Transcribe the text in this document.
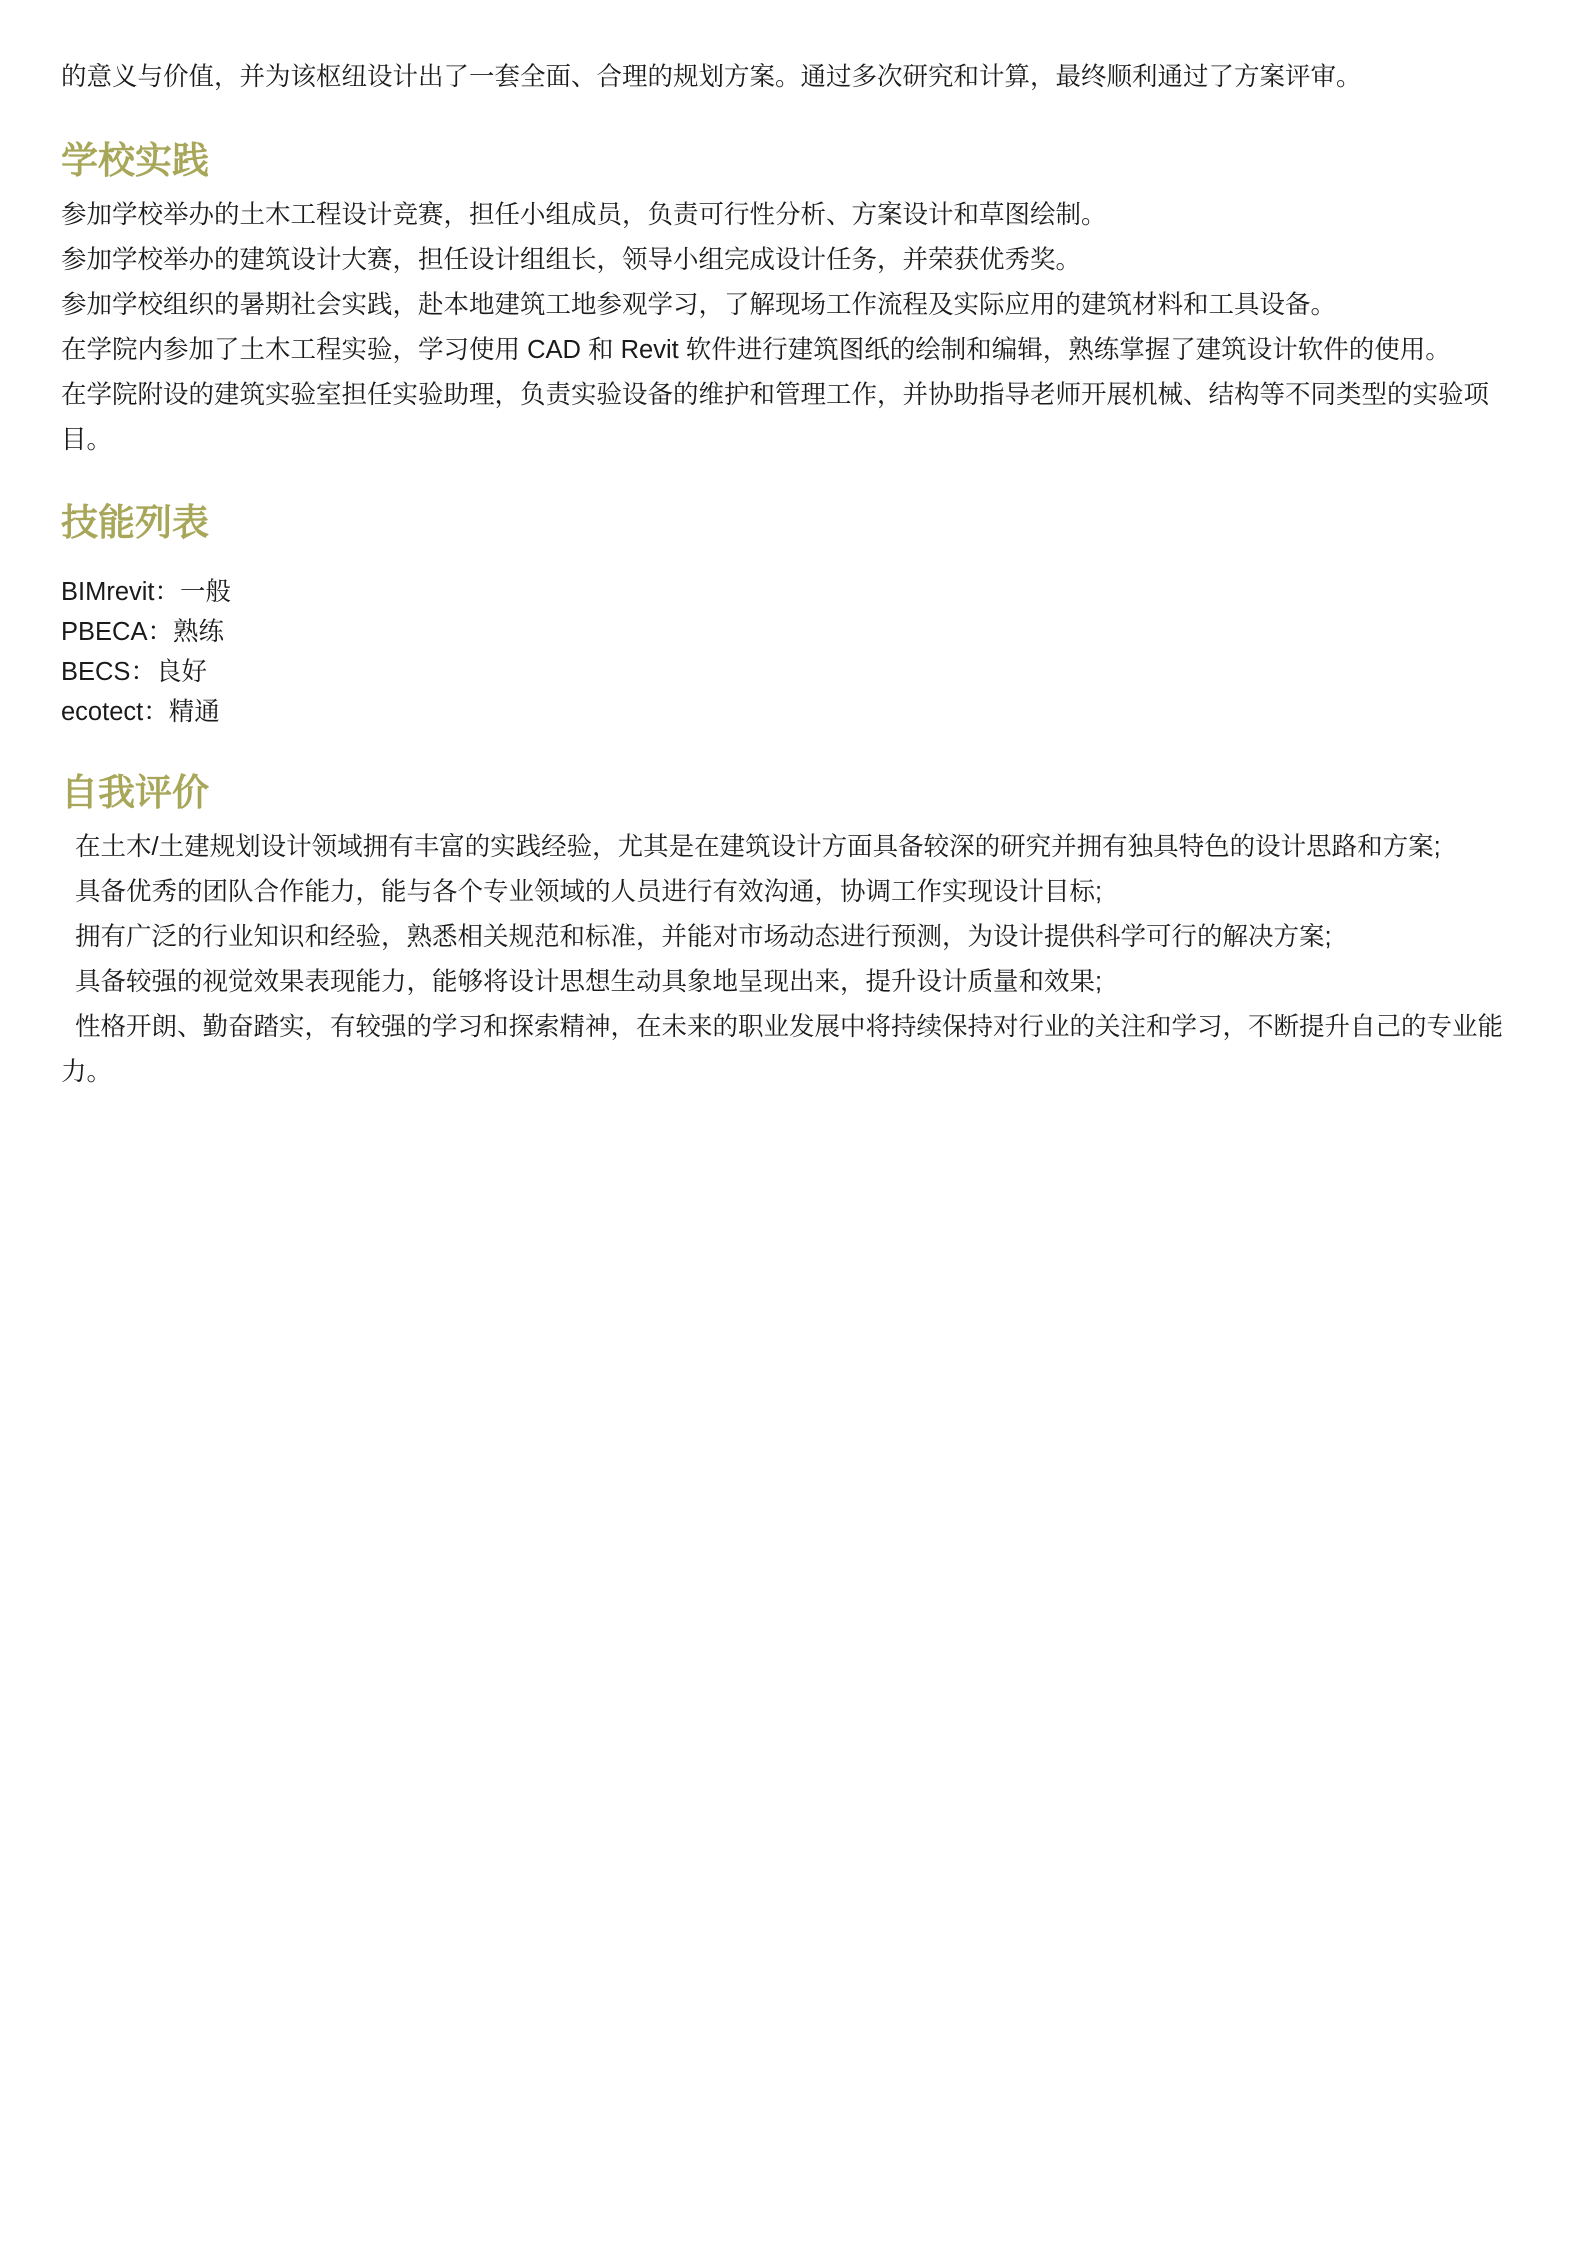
的意义与价值，并为该枢纽设计出了一套全面、合理的规划方案。通过多次研究和计算，最终顺利通过了方案评审。
学校实践

参加学校举办的土木工程设计竞赛，担任小组成员，负责可行性分析、方案设计和草图绘制。

参加学校举办的建筑设计大赛，担任设计组组长，领导小组完成设计任务，并荣获优秀奖。

参加学校组织的暑期社会实践，赴本地建筑工地参观学习，了解现场工作流程及实际应用的建筑材料和工具设备。

在学院内参加了土木工程实验，学习使用 CAD 和 Revit 软件进行建筑图纸的绘制和编辑，熟练掌握了建筑设计软件的使用。

在学院附设的建筑实验室担任实验助理，负责实验设备的维护和管理工作，并协助指导老师开展机械、结构等不同类型的实验项目。

技能列表
BIMrevit：一般
PBECA：熟练
BECS：良好
ecotect：精通
自我评价

在土木/土建规划设计领域拥有丰富的实践经验，尤其是在建筑设计方面具备较深的研究并拥有独具特色的设计思路和方案;

具备优秀的团队合作能力，能与各个专业领域的人员进行有效沟通，协调工作实现设计目标;

拥有广泛的行业知识和经验，熟悉相关规范和标准，并能对市场动态进行预测，为设计提供科学可行的解决方案;

具备较强的视觉效果表现能力，能够将设计思想生动具象地呈现出来，提升设计质量和效果;

性格开朗、勤奋踏实，有较强的学习和探索精神，在未来的职业发展中将持续保持对行业的关注和学习，不断提升自己的专业能力。
